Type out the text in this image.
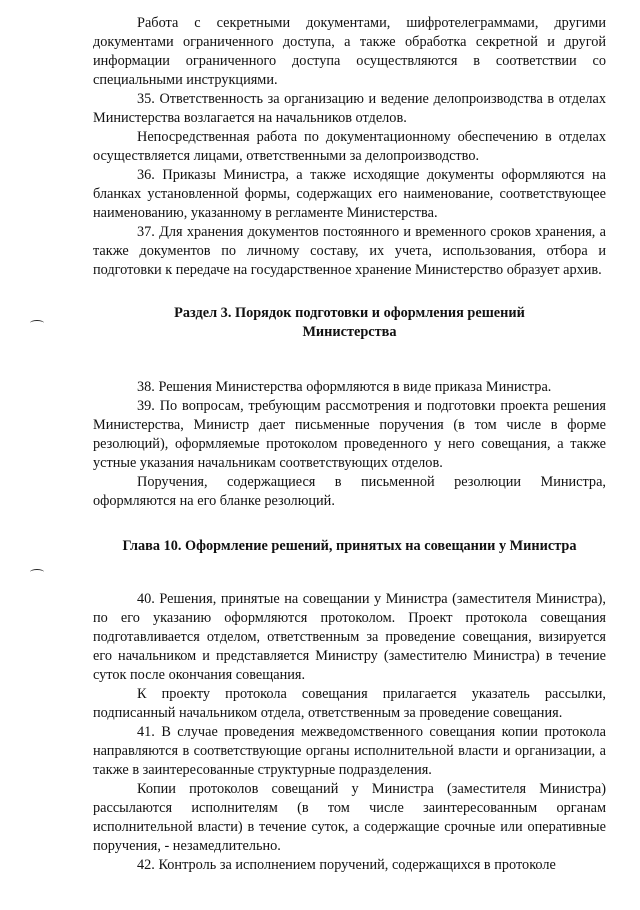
Работа с секретными документами, шифротелеграммами, другими документами ограниченного доступа, а также обработка секретной и другой информации ограниченного доступа осуществляются в соответствии со специальными инструкциями.

35. Ответственность за организацию и ведение делопроизводства в отделах Министерства возлагается на начальников отделов.

Непосредственная работа по документационному обеспечению в отделах осуществляется лицами, ответственными за делопроизводство.

36. Приказы Министра, а также исходящие документы оформляются на бланках установленной формы, содержащих его наименование, соответствующее наименованию, указанному в регламенте Министерства.

37. Для хранения документов постоянного и временного сроков хранения, а также документов по личному составу, их учета, использования, отбора и подготовки к передаче на государственное хранение Министерство образует архив.

Раздел 3. Порядок подготовки и оформления решений Министерства

38. Решения Министерства оформляются в виде приказа Министра.

39. По вопросам, требующим рассмотрения и подготовки проекта решения Министерства, Министр дает письменные поручения (в том числе в форме резолюций), оформляемые протоколом проведенного у него совещания, а также устные указания начальникам соответствующих отделов.

Поручения, содержащиеся в письменной резолюции Министра, оформляются на его бланке резолюций.

Глава 10. Оформление решений, принятых на совещании у Министра

40. Решения, принятые на совещании у Министра (заместителя Министра), по его указанию оформляются протоколом. Проект протокола совещания подготавливается отделом, ответственным за проведение совещания, визируется его начальником и представляется Министру (заместителю Министра) в течение суток после окончания совещания.

К проекту протокола совещания прилагается указатель рассылки, подписанный начальником отдела, ответственным за проведение совещания.

41. В случае проведения межведомственного совещания копии протокола направляются в соответствующие органы исполнительной власти и организации, а также в заинтересованные структурные подразделения.

Копии протоколов совещаний у Министра (заместителя Министра) рассылаются исполнителям (в том числе заинтересованным органам исполнительной власти) в течение суток, а содержащие срочные или оперативные поручения, - незамедлительно.

42. Контроль за исполнением поручений, содержащихся в протоколе
